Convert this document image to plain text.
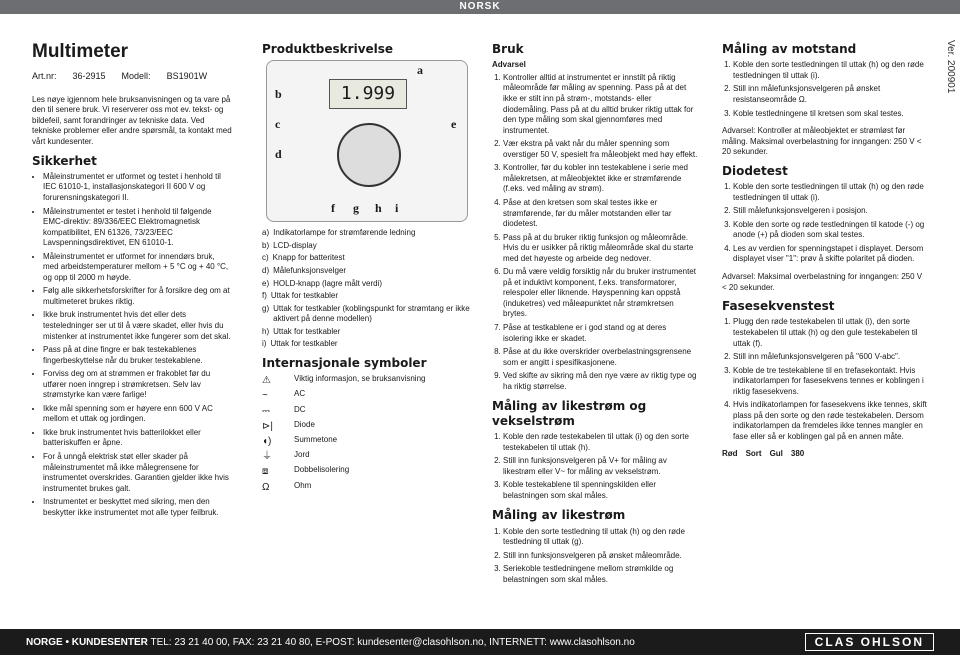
NORSK
Ver. 200901
Multimeter
Art.nr: 36-2915 Modell: BS1901W

Les nøye igjennom hele bruksanvisningen og ta vare på den til senere bruk. Vi reserverer oss mot ev. tekst- og bildefeil, samt forandringer av tekniske data. Ved tekniske problemer eller andre spørsmål, ta kontakt med vårt kundesenter.

Sikkerhet
• Måleinstrumentet er utformet og testet i henhold til IEC 61010-1, installasjonskategori II 600 V og forurensningskategori II.
• Måleinstrumentet er testet i henhold til følgende EMC-direktiv: 89/336/EEC Elektromagnetisk kompatibilitet, EN 61326, 73/23/EEC Lavspenningsdirektivet, EN 61010-1.
• Måleinstrumentet er utformet for innendørs bruk, med arbeidstemperaturer mellom + 5 °C og + 40 °C, og opp til 2000 m høyde.
• Følg alle sikkerhetsforskrifter for å forsikre deg om at multimeteret brukes riktig.
• Ikke bruk instrumentet hvis det eller dets testeledninger ser ut til å være skadet, eller hvis du mistenker at instrumentet ikke fungerer som det skal.
• Pass på at dine fingre er bak testekablenes fingerbeskyttelse når du bruker testekablene.
• Forviss deg om at strømmen er frakoblet før du utfører noen inngrep i strømkretsen. Selv lav strømstyrke kan være farlige!
• Ikke mål spenning som er høyere enn 600 V AC mellom et uttak og jordingen.
• Ikke bruk instrumentet hvis batterilokket eller batteriskuffen er åpne.
• For å unngå elektrisk støt eller skader på måleinstrumentet må ikke målegrensene for instrumentet overskrides. Garantien gjelder ikke hvis instrumentet brukes galt.
• Instrumentet er beskyttet med sikring, men den beskytter ikke instrumentet mot alle typer feilbruk.
Produktbeskrivelse
1.999
a
b
c
d
e
f g h i
a) Indikatorlampe for strømførende ledning
b) LCD-display
c) Knapp for batteritest
d) Målefunksjonsvelger
e) HOLD-knapp (lagre målt verdi)
f) Uttak for testkabler
g) Uttak for testkabler (koblingspunkt for strømtang er ikke aktivert på denne modellen)
h) Uttak for testkabler
i) Uttak for testkabler
Internasjonale symboler
⚠	Viktig informasjon, se bruksanvisning
~	AC
⎓	DC
⊳|	Diode
◖)	Summetone
⏚	Jord
⧈	Dobbelisolering
Ω	Ohm
Bruk
Advarsel
1. Kontroller alltid at instrumentet er innstilt på riktig måleområde før måling av spenning. Pass på at det ikke er stilt inn på strøm-, motstands- eller diodemåling. Pass på at du alltid bruker riktig uttak for den type måling som skal gjennomføres med instrumentet.
2. Vær ekstra på vakt når du måler spenning som overstiger 50 V, spesielt fra måleobjekt med høy effekt.
3. Kontroller, før du kobler inn testekablene i serie med målekretsen, at måleobjektet ikke er strømførende (f.eks. ved måling av strøm).
4. Påse at den kretsen som skal testes ikke er strømførende, før du måler motstanden eller tar diodetest.
5. Pass på at du bruker riktig funksjon og måleområde. Hvis du er usikker på riktig måleområde skal du starte med det høyeste og arbeide deg nedover.
6. Du må være veldig forsiktig når du bruker instrumentet på et induktivt komponent, f.eks. transformatorer, relespoler eller liknende. Høyspenning kan oppstå (induketres) ved måleøpunktet når strømkretsen brytes.
7. Påse at testkablene er i god stand og at deres isolering ikke er skadet.
8. Påse at du ikke overskrider overbelastningsgrensene som er angitt i spesifikasjonene.
9. Ved skifte av sikring må den nye være av riktig type og ha riktig størrelse.
Måling av likestrøm og vekselstrøm
1. Koble den røde testekabelen til uttak (i) og den sorte testekabelen til uttak (h).
2. Still inn funksjonsvelgeren på V+ for måling av likestrøm eller V~ for måling av vekselstrøm.
3. Koble testekablene til spenningskilden eller belastningen som skal måles.
Måling av likestrøm
1. Koble den sorte testledning til uttak (h) og den røde testledning til uttak (g).
2. Still inn funksjonsvelgeren på ønsket måleområde.
3. Seriekoble testledningene mellom strømkilde og belastningen som skal måles.
Måling av motstand
1. Koble den sorte testledningen til uttak (h) og den røde testledningen til uttak (i).
2. Still inn målefunksjonsvelgeren på ønsket resistanseområde Ω.
3. Koble testledningene til kretsen som skal testes.

Advarsel: Kontroller at måleobjektet er strømløst før måling. Maksimal overbelastning for inngangen: 250 V < 20 sekunder.

Diodetest
1. Koble den sorte testledningen til uttak (h) og den røde testledningen til uttak (i).
2. Still målefunksjonsvelgeren i posisjon.
3. Koble den sorte og røde testledningen til katode (-) og anode (+) på dioden som skal testes.
4. Les av verdien for spenningstapet i displayet. Dersom displayet viser "1": prøv å skifte polaritet på dioden.

Advarsel: Maksimal overbelastning for inngangen: 250 V < 20 sekunder.

Fasesekvenstest
1. Plugg den røde testekabelen til uttak (i), den sorte testekabelen til uttak (h) og den gule testekabelen til uttak (f).
2. Still inn målefunksjonsvelgeren på "600 V-abc".
3. Koble de tre testekablene til en trefasekontakt. Hvis indikatorlampen for fasesekvens tennes er koblingen i riktig fasesekvens.
4. Hvis indikatorlampen for fasesekvens ikke tennes, skift plass på den sorte og den røde testekabelen. Dersom indikatorlampen da fremdeles ikke tennes mangler en fase eller så er koblingen gal på en annen måte.
Rød Sort Gul 380
NORGE • KUNDESENTER TEL: 23 21 40 00, FAX: 23 21 40 80, E-POST: kundesenter@clasohlson.no, INTERNETT: www.clasohlson.no	CLAS OHLSON
